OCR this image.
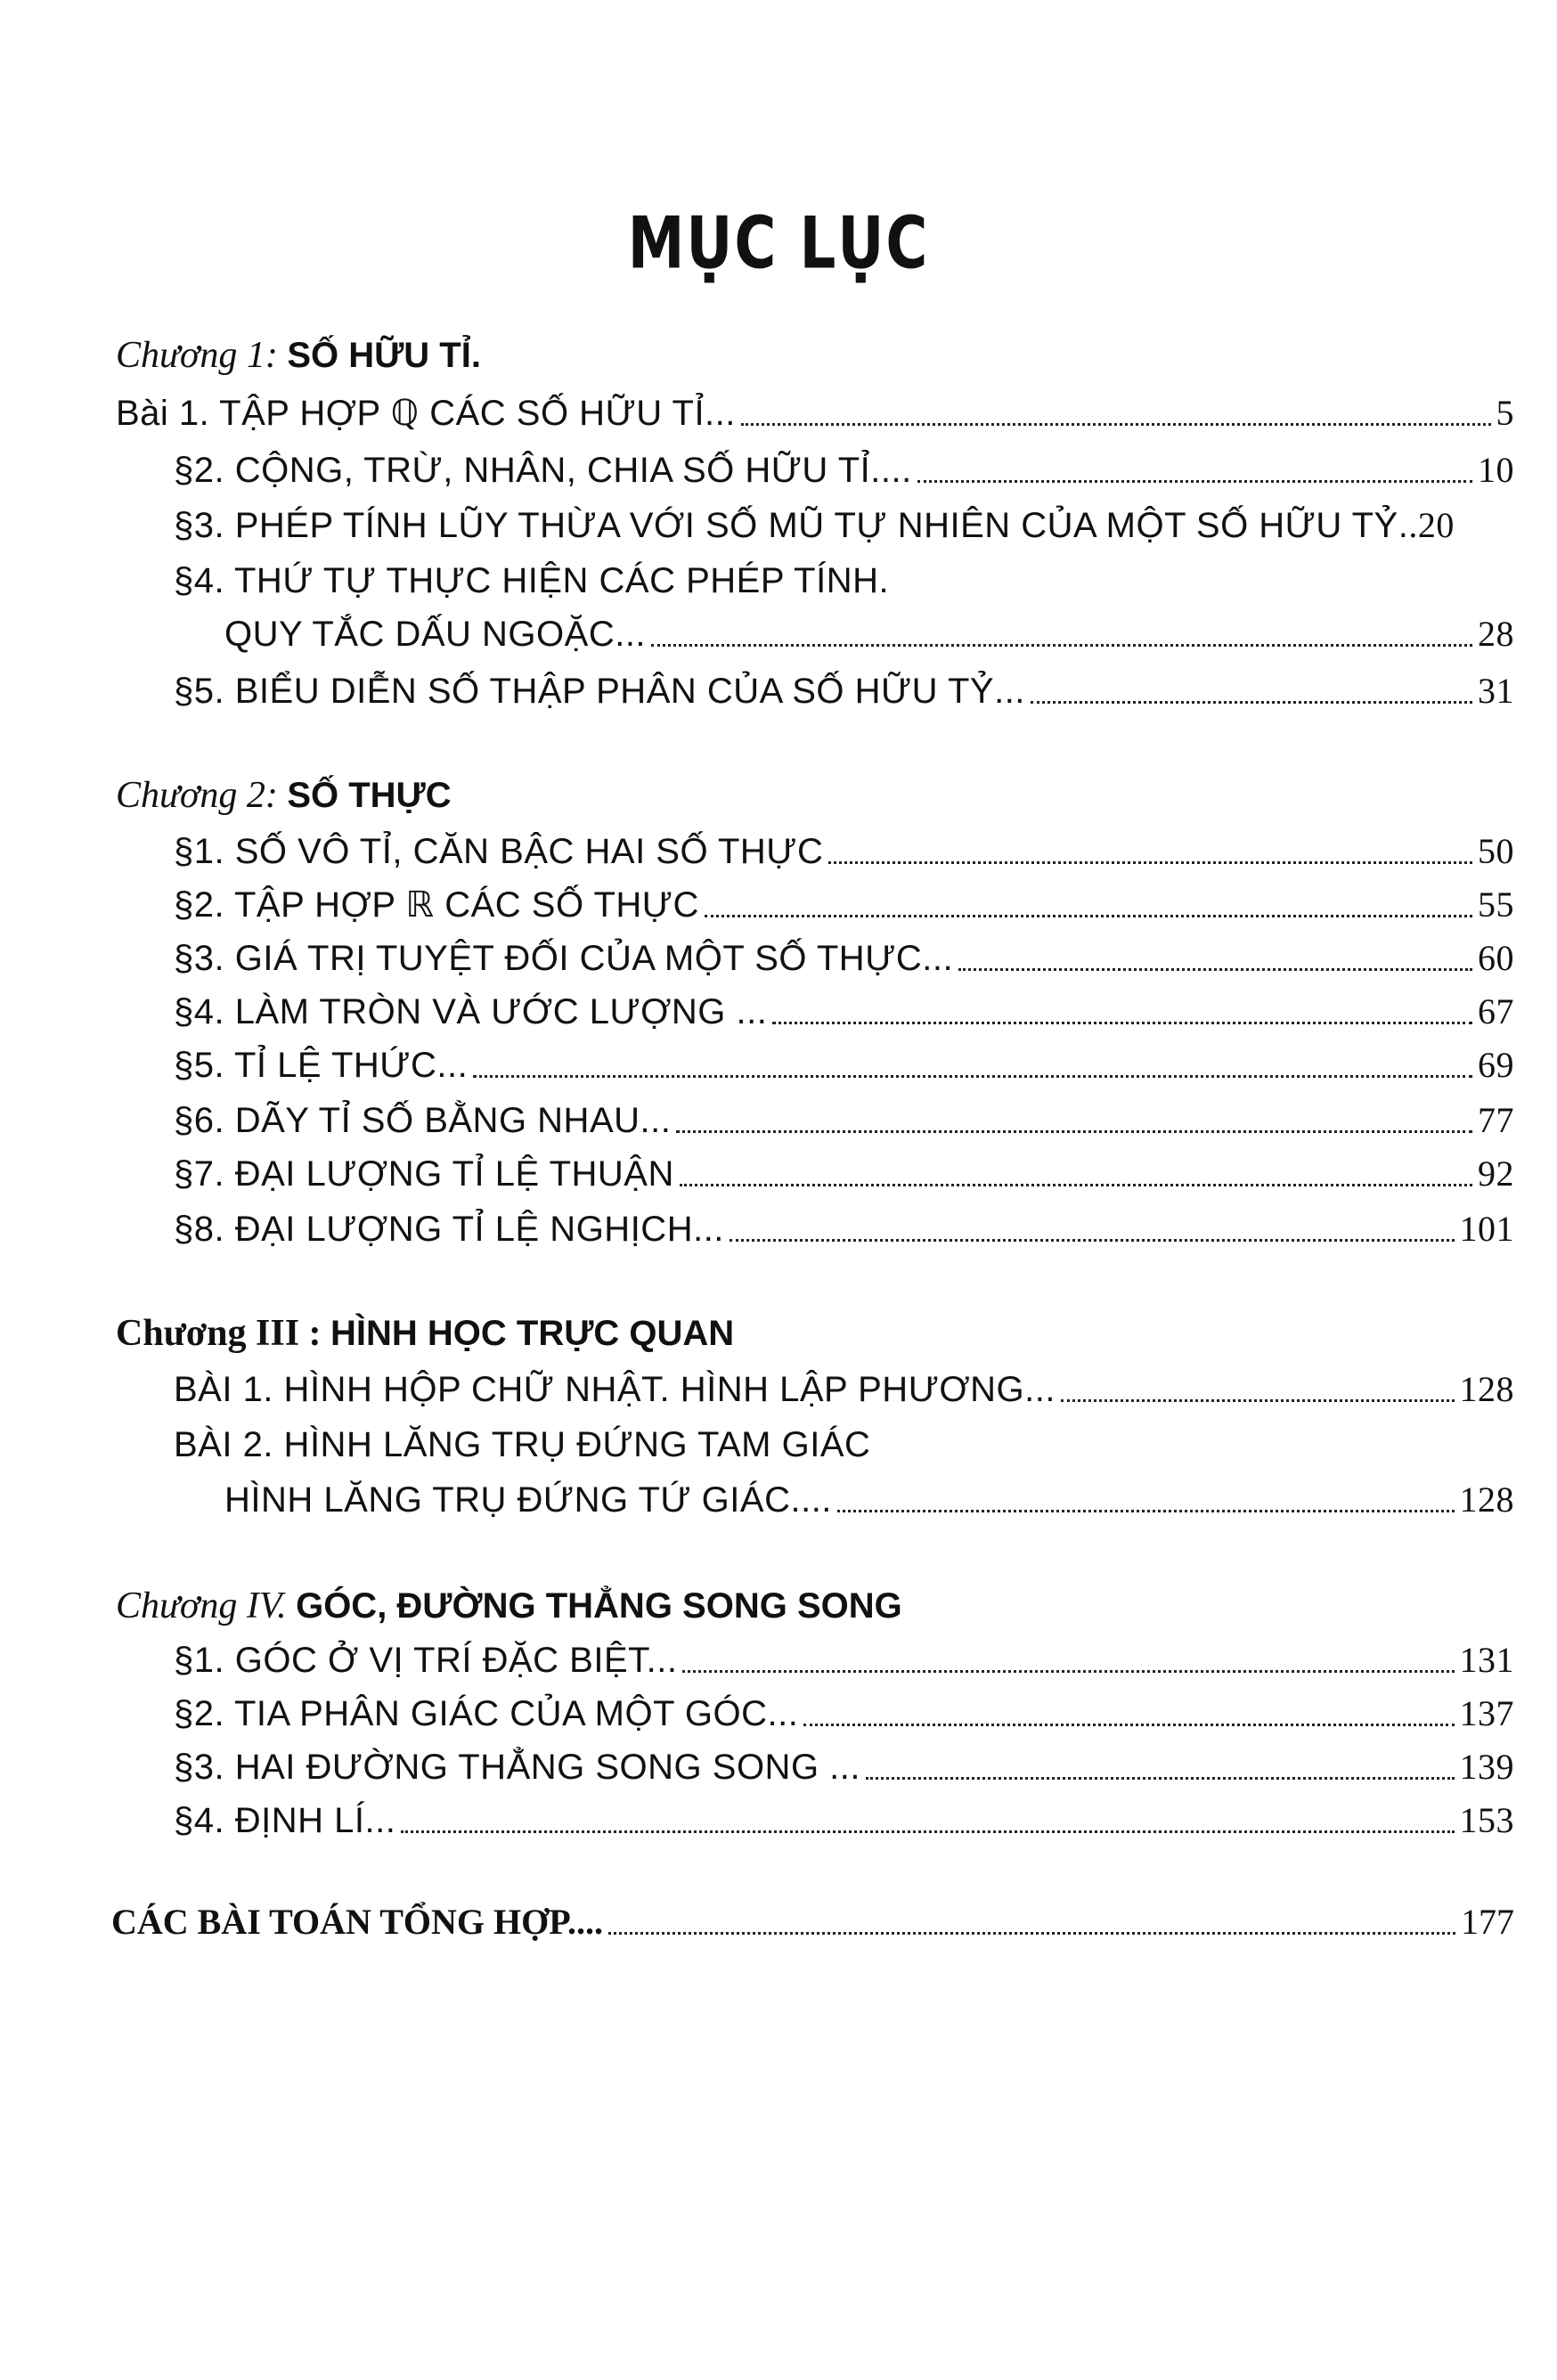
MỤC LỤC
Chương 1: SỐ HỮU TỈ.
Bài 1. TẬP HỢP ℚ CÁC SỐ HỮU TỈ...	5
§2. CỘNG, TRỪ, NHÂN, CHIA SỐ HỮU TỈ....	10
§3. PHÉP TÍNH LŨY THỪA VỚI SỐ MŨ TỰ NHIÊN CỦA MỘT SỐ HỮU TỶ. .20
§4. THỨ TỰ THỰC HIỆN CÁC PHÉP TÍNH.
QUY TẮC DẤU NGOẶC...	28
§5. BIỂU DIỄN SỐ THẬP PHÂN CỦA SỐ HỮU TỶ...	31
Chương 2: SỐ THỰC
§1. SỐ VÔ TỈ, CĂN BẬC HAI SỐ THỰC	50
§2. TẬP HỢP ℝ CÁC SỐ THỰC	55
§3. GIÁ TRỊ TUYỆT ĐỐI CỦA MỘT SỐ THỰC...	60
§4. LÀM TRÒN VÀ ƯỚC LƯỢNG ...	67
§5. TỈ LỆ THỨC...	69
§6. DÃY TỈ SỐ BẰNG NHAU...	77
§7. ĐẠI LƯỢNG TỈ LỆ THUẬN	92
§8. ĐẠI LƯỢNG TỈ LỆ NGHỊCH...	101
Chương III : HÌNH HỌC TRỰC QUAN
BÀI 1. HÌNH HỘP CHỮ NHẬT. HÌNH LẬP PHƯƠNG...	128
BÀI 2. HÌNH LĂNG TRỤ ĐỨNG TAM GIÁC
HÌNH LĂNG TRỤ ĐỨNG TỨ GIÁC....	128
Chương IV. GÓC, ĐƯỜNG THẲNG SONG SONG
§1. GÓC Ở VỊ TRÍ ĐẶC BIỆT...	131
§2. TIA PHÂN GIÁC CỦA MỘT GÓC...	137
§3. HAI ĐƯỜNG THẲNG SONG SONG ...	139
§4. ĐỊNH LÍ...	153
CÁC BÀI TOÁN TỔNG HỢP....	177
